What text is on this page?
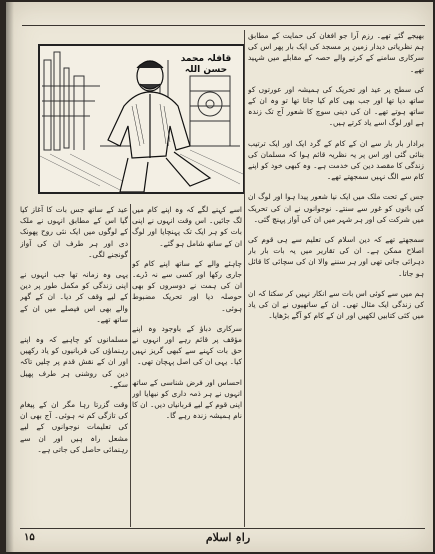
قافلہ محمد حسن اللہ

بھیجے گئے تھے۔ رزم آرا جو افغان کی حمایت کے مطابق ہم نظریاتی دیدار زمین پر مسجد کی ایک بار پھر اس کی سرکاری سامنے کے کرنے والے حصہ کے مقابلے میں شہید تھے۔

کی سطح پر عید اور تحریک کی ہمیشہ اور عورتوں کو ساتھ دیا تھا اور جب بھی کام کیا جاتا تھا تو وہ ان کے ساتھ ہوتے تھے۔ ان کی دینی سوچ کا شعور آج تک زندہ ہے اور لوگ اسے یاد کرتے ہیں۔

برادار بار بار سے ان کے کام کے گرد ایک اور ایک ترتیب بنائی گئی اور اس پر یہ نظریہ قائم ہوا کہ مسلمان کی زندگی کا مقصد دین کی خدمت ہے۔ وہ کبھی خود کو اپنے کام سے الگ نہیں سمجھتے تھے۔

جس کے تحت ملک میں ایک نیا شعور پیدا ہوا اور لوگ ان کی باتوں کو غور سے سنتے۔ نوجوانوں نے ان کی تحریک میں شرکت کی اور ہر شہر میں ان کی آواز پہنچ گئی۔

سمجھتے تھے کہ دین اسلام کی تعلیم سے ہی قوم کی اصلاح ممکن ہے۔ ان کی تقاریر میں یہ بات بار بار دہرائی جاتی تھی اور ہر سننے والا ان کی سچائی کا قائل ہو جاتا۔

ہم میں سے کوئی اس بات سے انکار نہیں کر سکتا کہ ان کی زندگی ایک مثال تھی۔ ان کے ساتھیوں نے ان کی یاد میں کئی کتابیں لکھیں اور ان کے کام کو آگے بڑھایا۔

اسے کہنے لگے کہ وہ اپنے کام میں لگ جائیں۔ اس وقت انہوں نے اپنی بات کو ہر ایک تک پہنچایا اور لوگ ان کے ساتھ شامل ہو گئے۔

چاہئے والے کے ساتھ اپنے کام کو جاری رکھا اور کسی سے نہ ڈرے۔ ان کی ہمت نے دوسروں کو بھی حوصلہ دیا اور تحریک مضبوط ہوئی۔

سرکاری دباؤ کے باوجود وہ اپنے مؤقف پر قائم رہے اور انہوں نے حق بات کہنے سے کبھی گریز نہیں کیا۔ یہی ان کی اصل پہچان تھی۔

احساس اور فرض شناسی کے ساتھ انہوں نے ہر ذمہ داری کو نبھایا اور اپنی قوم کے لیے قربانیاں دیں۔ ان کا نام ہمیشہ زندہ رہے گا۔

عید کے ساتھ جس بات کا آغاز کیا گیا اس کے مطابق انہوں نے ملک کے لوگوں میں ایک نئی روح پھونک دی اور ہر طرف ان کی آواز گونجنے لگی۔

یہی وہ زمانہ تھا جب انہوں نے اپنی زندگی کو مکمل طور پر دین کے لیے وقف کر دیا۔ ان کے گھر والے بھی اس فیصلے میں ان کے ساتھ تھے۔

مسلمانوں کو چاہیے کہ وہ اپنے رہنماؤں کی قربانیوں کو یاد رکھیں اور ان کے نقش قدم پر چلیں تاکہ دین کی روشنی ہر طرف پھیل سکے۔

وقت گزرتا رہا مگر ان کے پیغام کی تازگی کم نہ ہوئی۔ آج بھی ان کی تعلیمات نوجوانوں کے لیے مشعل راہ ہیں اور ان سے رہنمائی حاصل کی جاتی ہے۔

۱۵	راہِ اسلام
